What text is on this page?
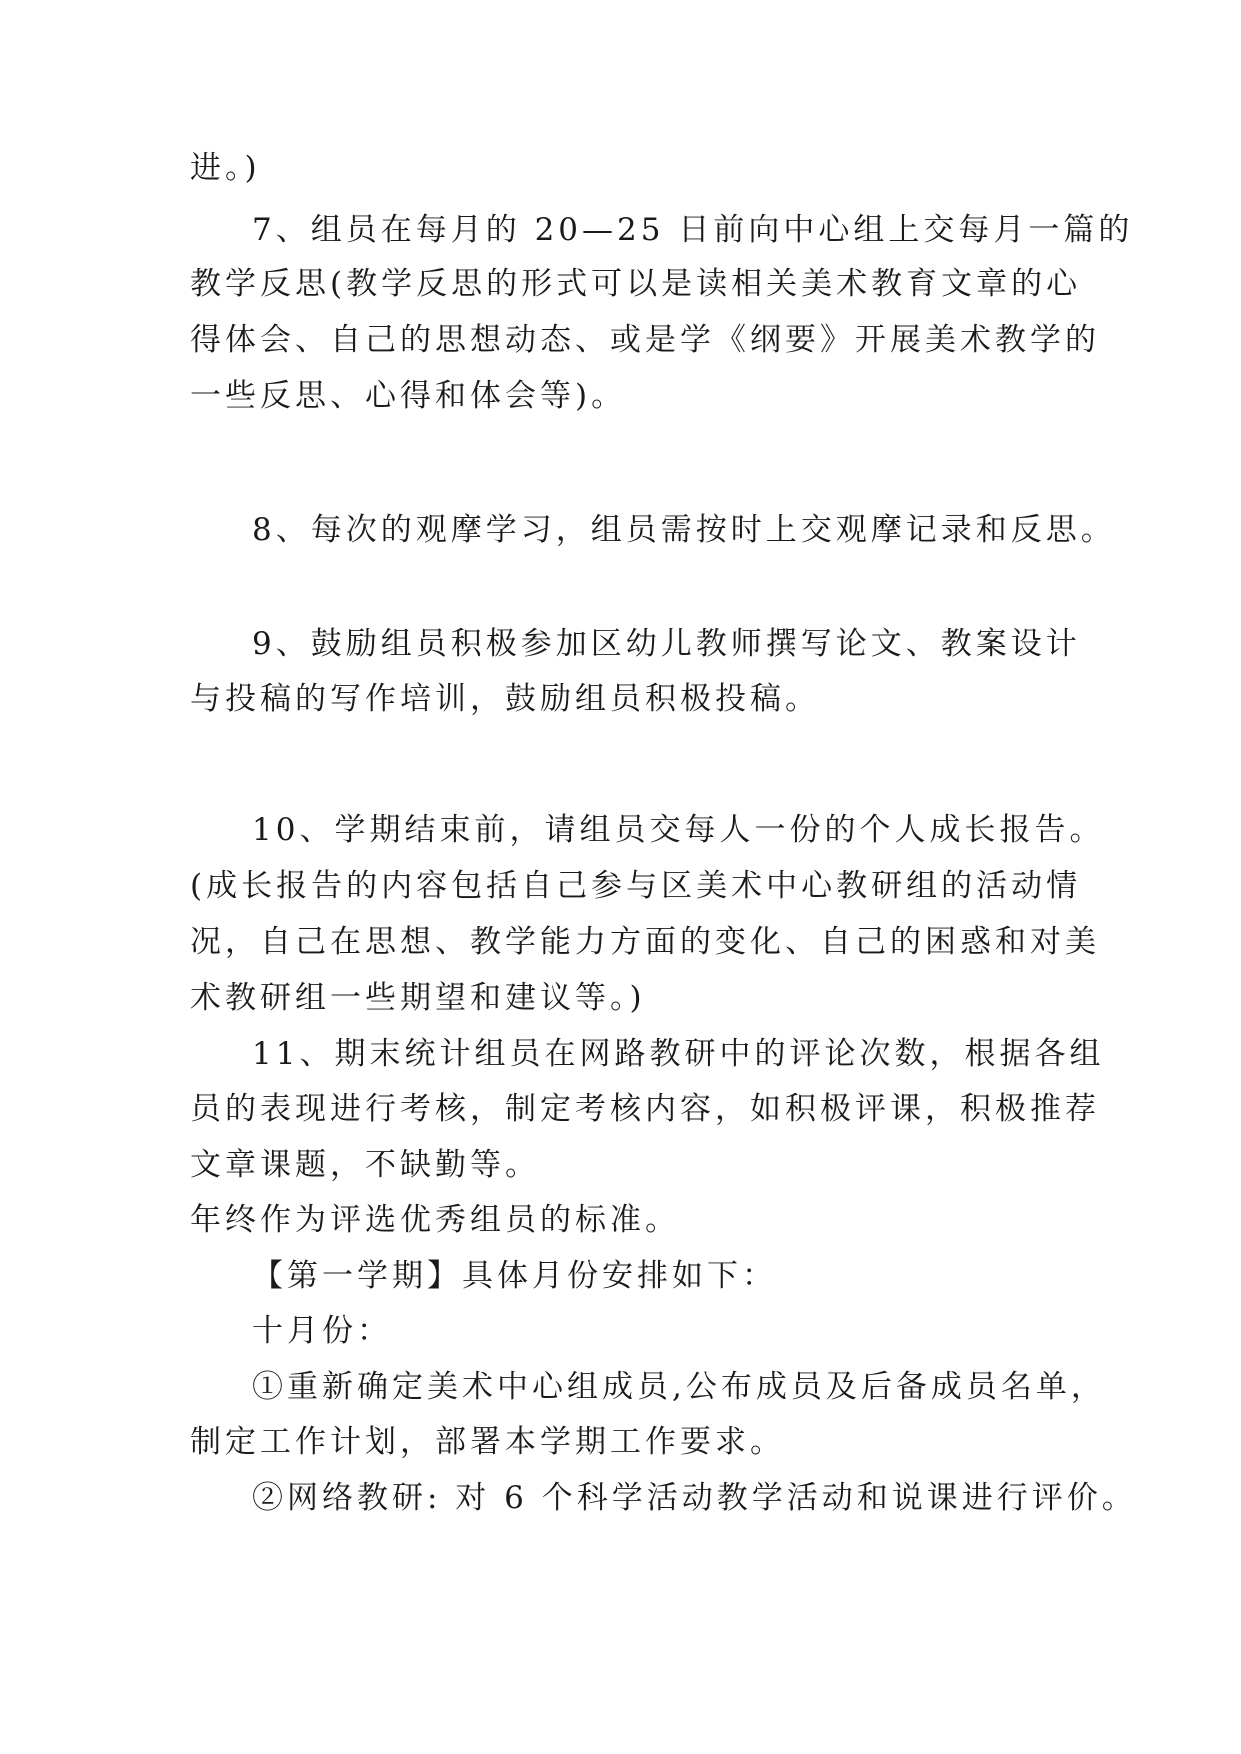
进。)
7、组员在每月的 20—25 日前向中心组上交每月一篇的
教学反思(教学反思的形式可以是读相关美术教育文章的心
得体会、自己的思想动态、或是学《纲要》开展美术教学的
一些反思、心得和体会等)。
8、每次的观摩学习，组员需按时上交观摩记录和反思。
9、鼓励组员积极参加区幼儿教师撰写论文、教案设计
与投稿的写作培训，鼓励组员积极投稿。
10、学期结束前，请组员交每人一份的个人成长报告。
(成长报告的内容包括自己参与区美术中心教研组的活动情
况，自己在思想、教学能力方面的变化、自己的困惑和对美
术教研组一些期望和建议等。)
11、期末统计组员在网路教研中的评论次数，根据各组
员的表现进行考核，制定考核内容，如积极评课，积极推荐
文章课题，不缺勤等。
年终作为评选优秀组员的标准。
【第一学期】具体月份安排如下：
十月份：
①重新确定美术中心组成员,公布成员及后备成员名单，
制定工作计划，部署本学期工作要求。
②网络教研: 对 6 个科学活动教学活动和说课进行评价。
